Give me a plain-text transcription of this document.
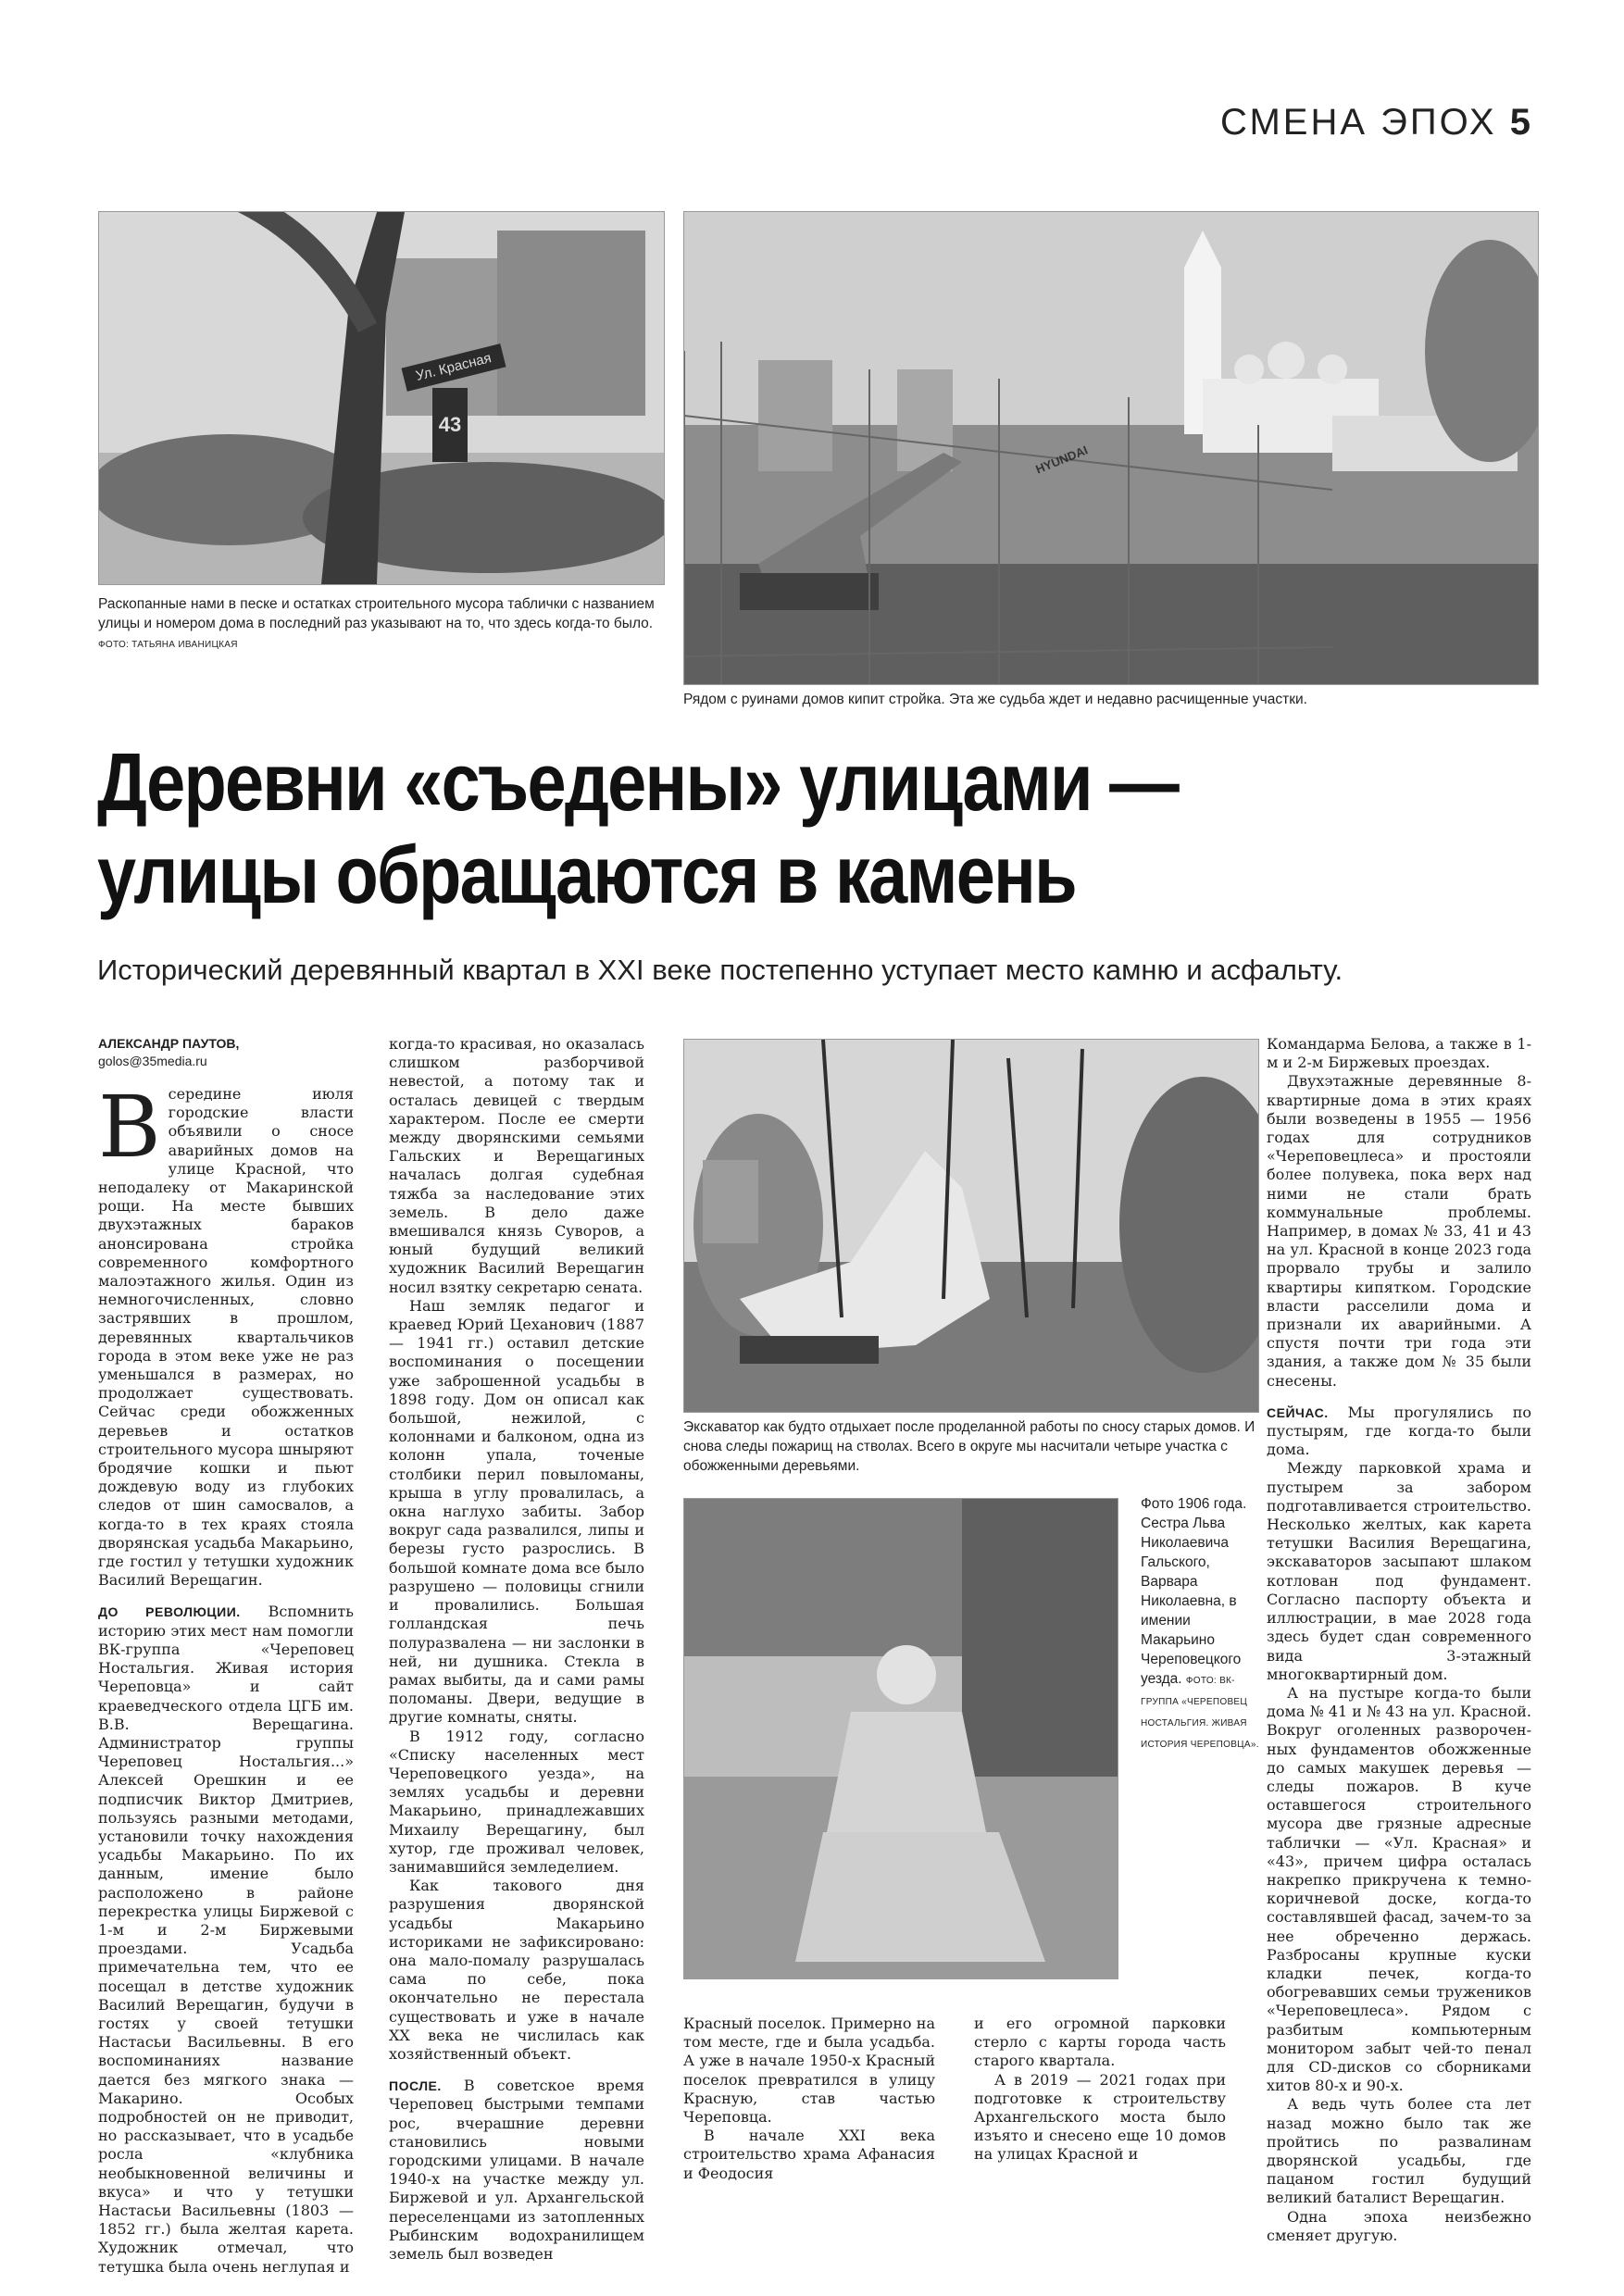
СМЕНА ЭПОХ 5
Ул. Красная
43
Раскопанные нами в песке и остатках строительного мусора таблички с названием улицы и номером дома в последний раз указывают на то, что здесь когда-то было. ФОТО: ТАТЬЯНА ИВАНИЦКАЯ
HYUNDAI
Рядом с руинами домов кипит стройка. Эта же судьба ждет и недавно расчищенные участки.
Деревни «съедены» улицами —
улицы обращаются в камень
Исторический деревянный квартал в XXI веке постепенно уступает место камню и асфальту.
АЛЕКСАНДР ПАУТОВ,
golos@35media.ru

Всередине июля городские власти объявили о сносе аварийных домов на улице Красной, что неподалеку от Макаринской рощи. На месте бывших двухэтажных бараков анонсирована стройка современного комфортного малоэтажного жилья. Один из немногочисленных, словно застрявших в прошлом, деревянных квартальчиков города в этом веке уже не раз уменьшался в размерах, но продолжает существовать. Сейчас среди обожженных деревьев и остатков строительного мусора шныряют бродячие кошки и пьют дождевую воду из глубоких следов от шин самосвалов, а когда-то в тех краях стояла дворянская усадьба Макарьино, где гостил у тетушки художник Василий Верещагин.

ДО РЕВОЛЮЦИИ. Вспомнить историю этих мест нам помогли ВК-группа «Череповец Ностальгия. Живая история Череповца» и сайт краеведческого отдела ЦГБ им. В.В. Верещагина. Администратор группы Череповец Ностальгия...» Алексей Орешкин и ее подписчик Виктор Дмитриев, пользуясь разными методами, установили точку нахождения усадьбы Макарьино. По их данным, имение было расположено в районе перекрестка улицы Биржевой с 1-м и 2-м Биржевыми проездами. Усадьба примечательна тем, что ее посещал в детстве художник Василий Верещагин, будучи в гостях у своей тетушки Настасьи Васильевны. В его воспоминаниях название дается без мягкого знака — Макарино. Особых подробностей он не приводит, но рассказывает, что в усадьбе росла «клубника необыкновенной величины и вкуса» и что у тетушки Настасьи Васильевны (1803 — 1852 гг.) была желтая карета. Художник отмечал, что тетушка была очень неглупая и

когда-то красивая, но оказалась слишком разборчивой невестой, а потому так и осталась девицей с твердым характером. После ее смерти между дворянскими семьями Гальских и Верещагиных началась долгая судебная тяжба за наследование этих земель. В дело даже вмешивался князь Суворов, а юный будущий великий художник Василий Верещагин носил взятку секретарю сената.

Наш земляк педагог и краевед Юрий Цеханович (1887 — 1941 гг.) оставил детские воспоминания о посещении уже заброшенной усадьбы в 1898 году. Дом он описал как большой, нежилой, с колоннами и балконом, одна из колонн упала, точеные столбики перил повыломаны, крыша в углу провалилась, а окна наглухо забиты. Забор вокруг сада развалился, липы и березы густо разрослись. В большой комнате дома все было разрушено — половицы сгнили и провалились. Большая голландская печь полуразвалена — ни заслонки в ней, ни душника. Стекла в рамах выбиты, да и сами рамы поломаны. Двери, ведущие в другие комнаты, сняты.

В 1912 году, согласно «Списку населенных мест Череповецкого уезда», на землях усадьбы и деревни Макарьино, принадлежавших Михаилу Верещагину, был хутор, где проживал человек, занимавшийся земледелием.

Как такового дня разрушения дворянской усадьбы Макарьино историками не зафиксировано: она мало-помалу разрушалась сама по себе, пока окончательно не перестала существовать и уже в начале XX века не числилась как хозяйственный объект.

ПОСЛЕ. В советское время Череповец быстрыми темпами рос, вчерашние деревни становились новыми городскими улицами. В начале 1940-х на участке между ул. Биржевой и ул. Архангельской переселенцами из затопленных Рыбинским водохранилищем земель был возведен

Экскаватор как будто отдыхает после проделанной работы по сносу старых домов. И снова следы пожарищ на стволах. Всего в округе мы насчитали четыре участка с обожженными деревьями.
Фото 1906 года. Сестра Льва Николаевича Гальского, Варвара Николаевна, в имении Макарьино Череповецкого уезда. ФОТО: ВК-ГРУППА «ЧЕРЕПОВЕЦ НОСТАЛЬГИЯ. ЖИВАЯ ИСТОРИЯ ЧЕРЕПОВЦА».

Красный поселок. Примерно на том месте, где и была усадьба. А уже в начале 1950-х Красный поселок превратился в улицу Красную, став частью Череповца.

В начале XXI века строительство храма Афанасия и Феодосия

и его огромной парковки стерло с карты города часть старого квартала.

А в 2019 — 2021 годах при подготовке к строительству Архангельского моста было изъято и снесено еще 10 домов на улицах Красной и

Командарма Белова, а также в 1-м и 2-м Биржевых проездах.

Двухэтажные деревянные 8-квартирные дома в этих краях были возведены в 1955 — 1956 годах для сотрудников «Череповецлеса» и простояли более полувека, пока верх над ними не стали брать коммунальные проблемы. Например, в домах № 33, 41 и 43 на ул. Красной в конце 2023 года прорвало трубы и залило квартиры кипятком. Городские власти расселили дома и признали их аварийными. А спустя почти три года эти здания, а также дом № 35 были снесены.

СЕЙЧАС. Мы прогулялись по пустырям, где когда-то были дома.

Между парковкой храма и пустырем за забором подготавливается строительство. Несколько желтых, как карета тетушки Василия Верещагина, экскаваторов засыпают шлаком котлован под фундамент. Согласно паспорту объекта и иллюстрации, в мае 2028 года здесь будет сдан современного вида 3-этажный многоквартирный дом.

А на пустыре когда-то были дома № 41 и № 43 на ул. Красной. Вокруг оголенных развороченных фундаментов обожженные до самых макушек деревья — следы пожаров. В куче оставшегося строительного мусора две грязные адресные таблички — «Ул. Красная» и «43», причем цифра осталась накрепко прикручена к темно-коричневой доске, когда-то составлявшей фасад, зачем-то за нее обреченно держась. Разбросаны крупные куски кладки печек, когда-то обогревавших семьи тружеников «Череповецлеса». Рядом с разбитым компьютерным монитором забыт чей-то пенал для CD-дисков со сборниками хитов 80-х и 90-х.

А ведь чуть более ста лет назад можно было так же пройтись по развалинам дворянской усадьбы, где пацаном гостил будущий великий баталист Верещагин.

Одна эпоха неизбежно сменяет другую.
